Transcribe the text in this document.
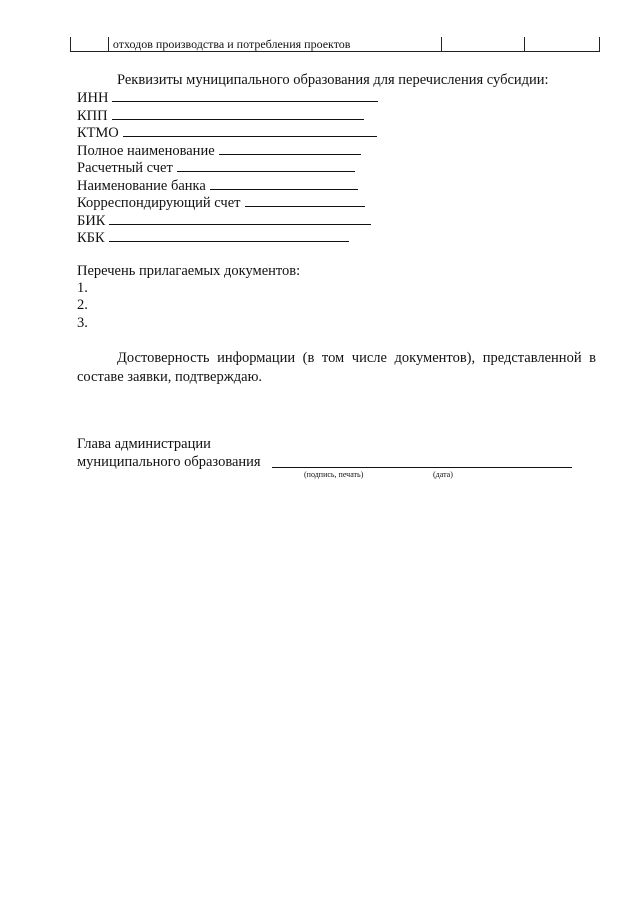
отходов производства и потребления проектов
Реквизиты муниципального образования для перечисления субсидии:
ИНН
КПП
КТМО
Полное наименование
Расчетный счет
Наименование банка
Корреспондирующий счет
БИК
КБК
Перечень прилагаемых документов:
1.
2.
3.
Достоверность информации (в том числе документов), представленной в составе заявки, подтверждаю.
Глава администрации
муниципального образования
(подпись, печать)	(дата)
